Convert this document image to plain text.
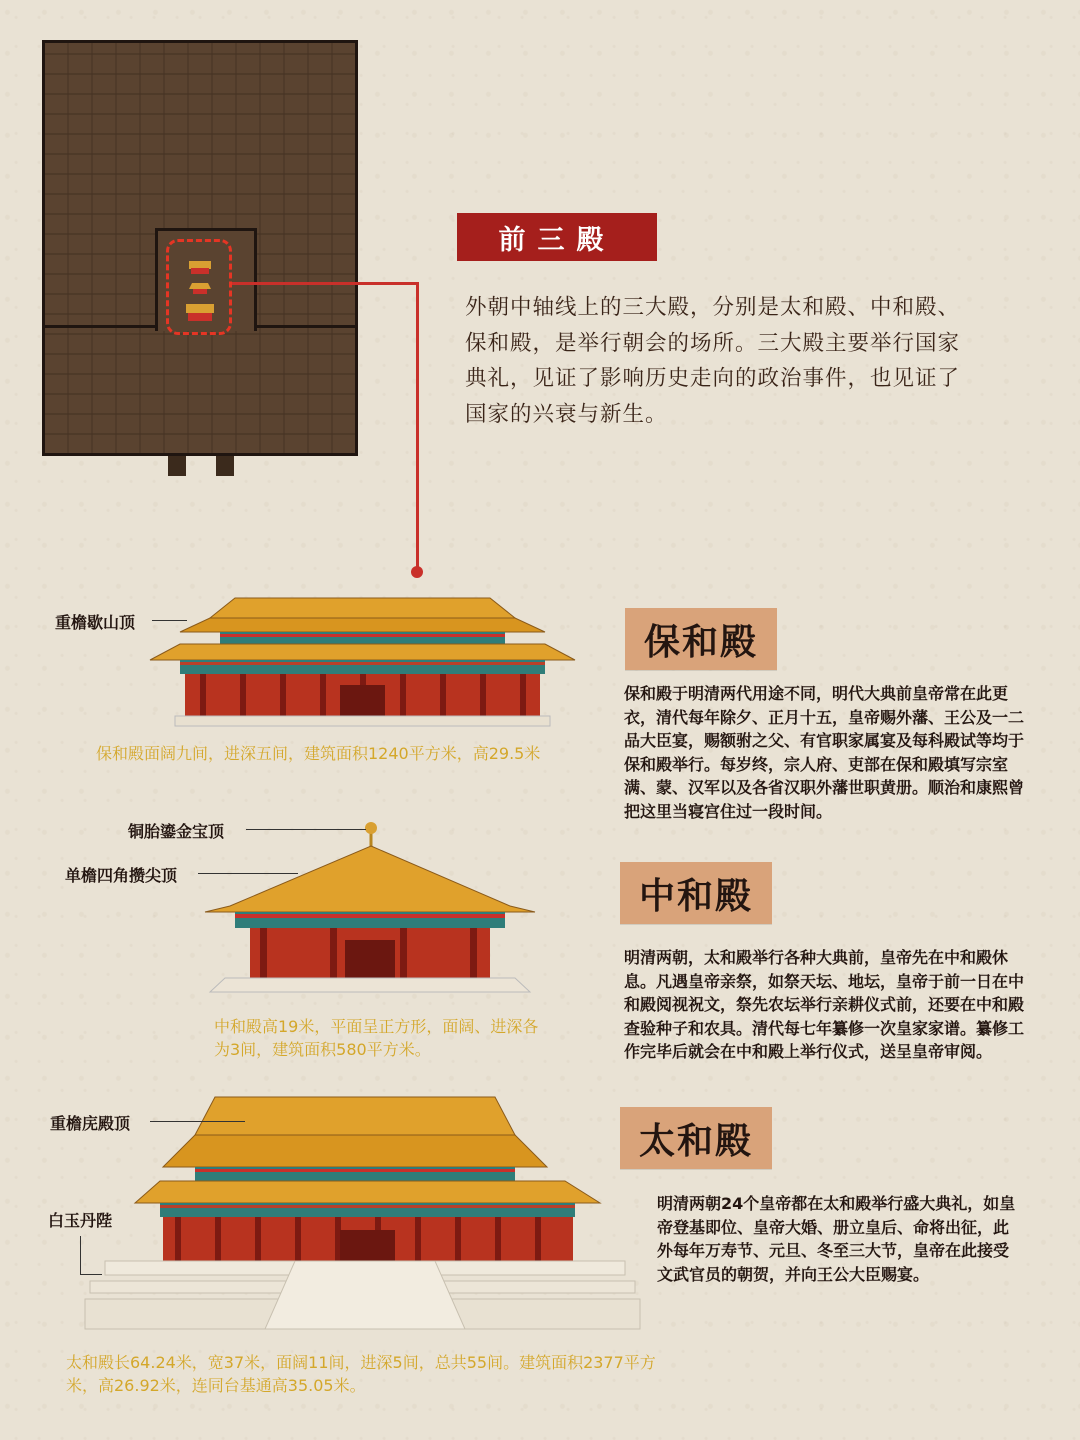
前三殿
外朝中轴线上的三大殿，分别是太和殿、中和殿、保和殿，是举行朝会的场所。三大殿主要举行国家典礼，见证了影响历史走向的政治事件，也见证了国家的兴衰与新生。
重檐歇山顶
保和殿面阔九间，进深五间，建筑面积1240平方米，高29.5米
保和殿
保和殿于明清两代用途不同，明代大典前皇帝常在此更衣，清代每年除夕、正月十五，皇帝赐外藩、王公及一二品大臣宴，赐额驸之父、有官职家属宴及每科殿试等均于保和殿举行。每岁终，宗人府、吏部在保和殿填写宗室满、蒙、汉军以及各省汉职外藩世职黄册。顺治和康熙曾把这里当寝宫住过一段时间。
铜胎鎏金宝顶
单檐四角攒尖顶
中和殿高19米，平面呈正方形，面阔、进深各为3间，建筑面积580平方米。
中和殿
明清两朝，太和殿举行各种大典前，皇帝先在中和殿休息。凡遇皇帝亲祭，如祭天坛、地坛，皇帝于前一日在中和殿阅视祝文，祭先农坛举行亲耕仪式前，还要在中和殿查验种子和农具。清代每七年纂修一次皇家家谱。纂修工作完毕后就会在中和殿上举行仪式，送呈皇帝审阅。
重檐庑殿顶
白玉丹陛
太和殿长64.24米，宽37米，面阔11间，进深5间，总共55间。建筑面积2377平方米，高26.92米，连同台基通高35.05米。
太和殿
明清两朝24个皇帝都在太和殿举行盛大典礼，如皇帝登基即位、皇帝大婚、册立皇后、命将出征，此外每年万寿节、元旦、冬至三大节，皇帝在此接受文武官员的朝贺，并向王公大臣赐宴。
